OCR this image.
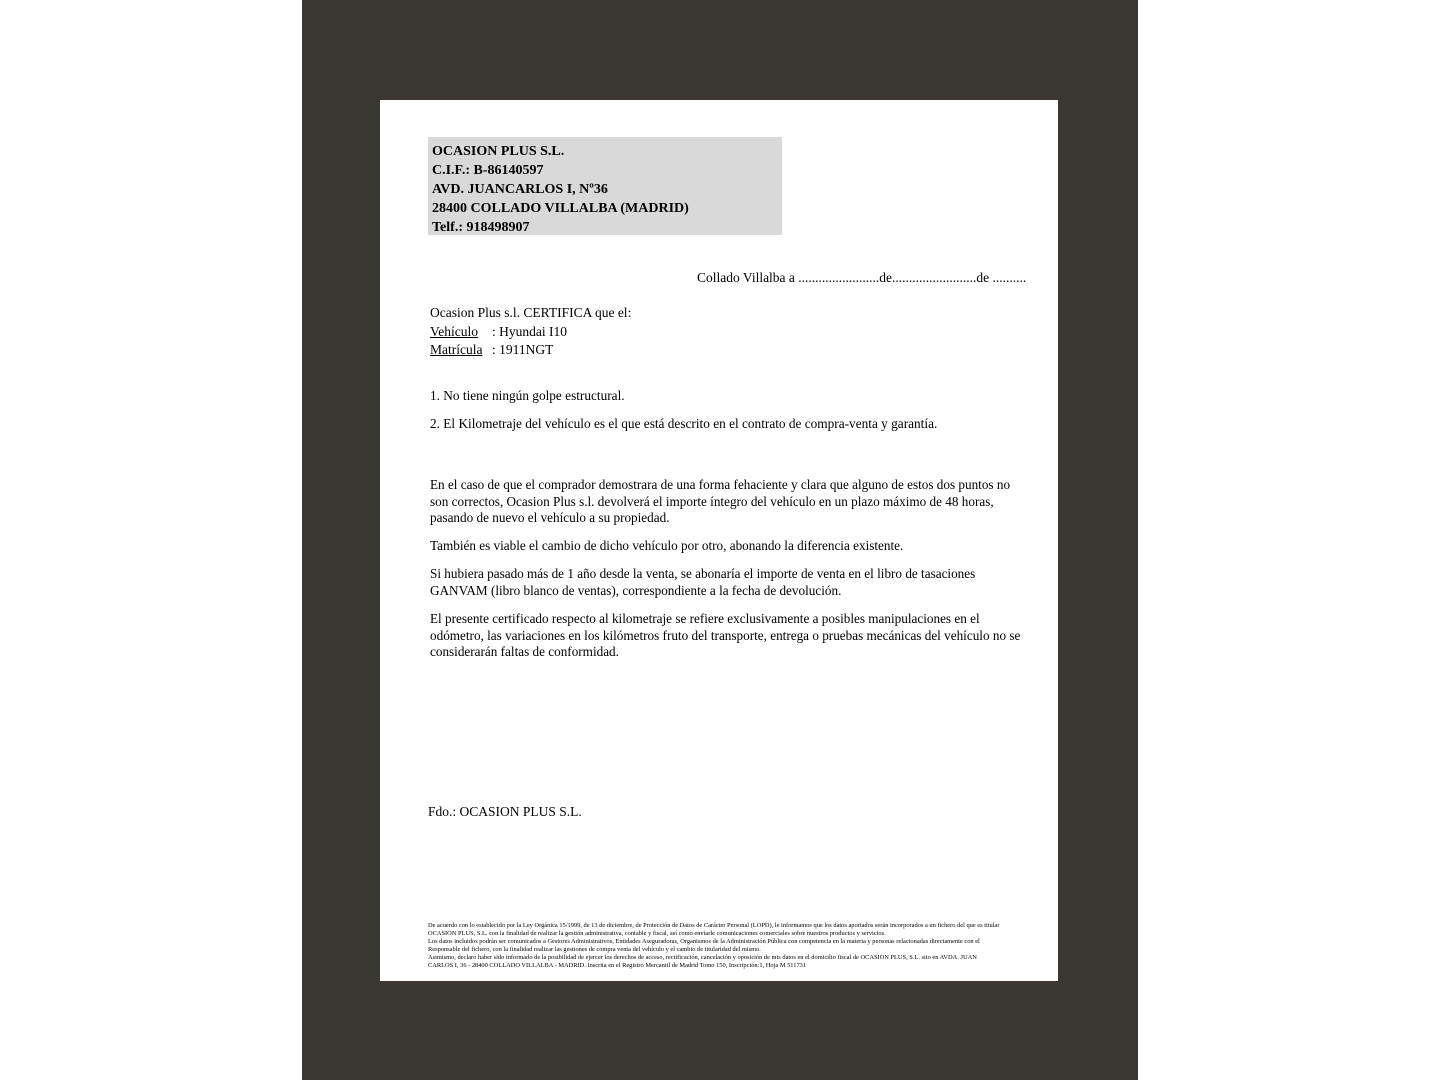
OCASION PLUS S.L.
C.I.F.: B-86140597
AVD. JUANCARLOS I, Nº36
28400 COLLADO VILLALBA (MADRID)
Telf.: 918498907
Collado Villalba a ........................de.........................de ..........
Ocasion Plus s.l. CERTIFICA que el:
Vehículo : Hyundai I10
Matrícula : 1911NGT
1. No tiene ningún golpe estructural.
2. El Kilometraje del vehículo es el que está descrito en el contrato de compra-venta y garantía.
En el caso de que el comprador demostrara de una forma fehaciente y clara que alguno de estos dos puntos no son correctos, Ocasion Plus s.l. devolverá el importe íntegro del vehículo en un plazo máximo de 48 horas, pasando de nuevo el vehículo a su propiedad.
También es viable el cambio de dicho vehículo por otro, abonando la diferencia existente.
Si hubiera pasado más de 1 año desde la venta, se abonaría el importe de venta en el libro de tasaciones GANVAM (libro blanco de ventas), correspondiente a la fecha de devolución.
El presente certificado respecto al kilometraje se refiere exclusivamente a posibles manipulaciones en el odómetro, las variaciones en los kilómetros fruto del transporte, entrega o pruebas mecánicas del vehículo no se considerarán faltas de conformidad.
Fdo.: OCASION PLUS S.L.
De acuerdo con lo establecido por la Ley Orgánica 15/1999, de 13 de diciembre, de Protección de Datos de Carácter Personal (LOPD), le informamos que los datos aportados serán incorporados a un fichero del que es titular
OCASIÓN PLUS, S.L. con la finalidad de realizar la gestión administrativa, contable y fiscal, así como enviarle comunicaciones comerciales sobre nuestros productos y servicios.
Los datos incluidos podrán ser comunicados a Gestores Administrativos, Entidades Aseguradoras, Organismos de la Administración Pública con competencia en la materia y personas relacionadas directamente con el
Responsable del fichero, con la finalidad realizar las gestiones de compra venta del vehículo y el cambio de titularidad del mismo.
Asimismo, declaro haber sido informado de la posibilidad de ejercer los derechos de acceso, rectificación, cancelación y oposición de mis datos en el domicilio fiscal de OCASIÓN PLUS, S.L. sito en AVDA. JUAN
CARLOS I, 36 - 28400 COLLADO VILLALBA - MADRID. Inscrita en el Registro Mercantil de Madrid Tomo 150, Inscripción:1, Hoja M 511731
